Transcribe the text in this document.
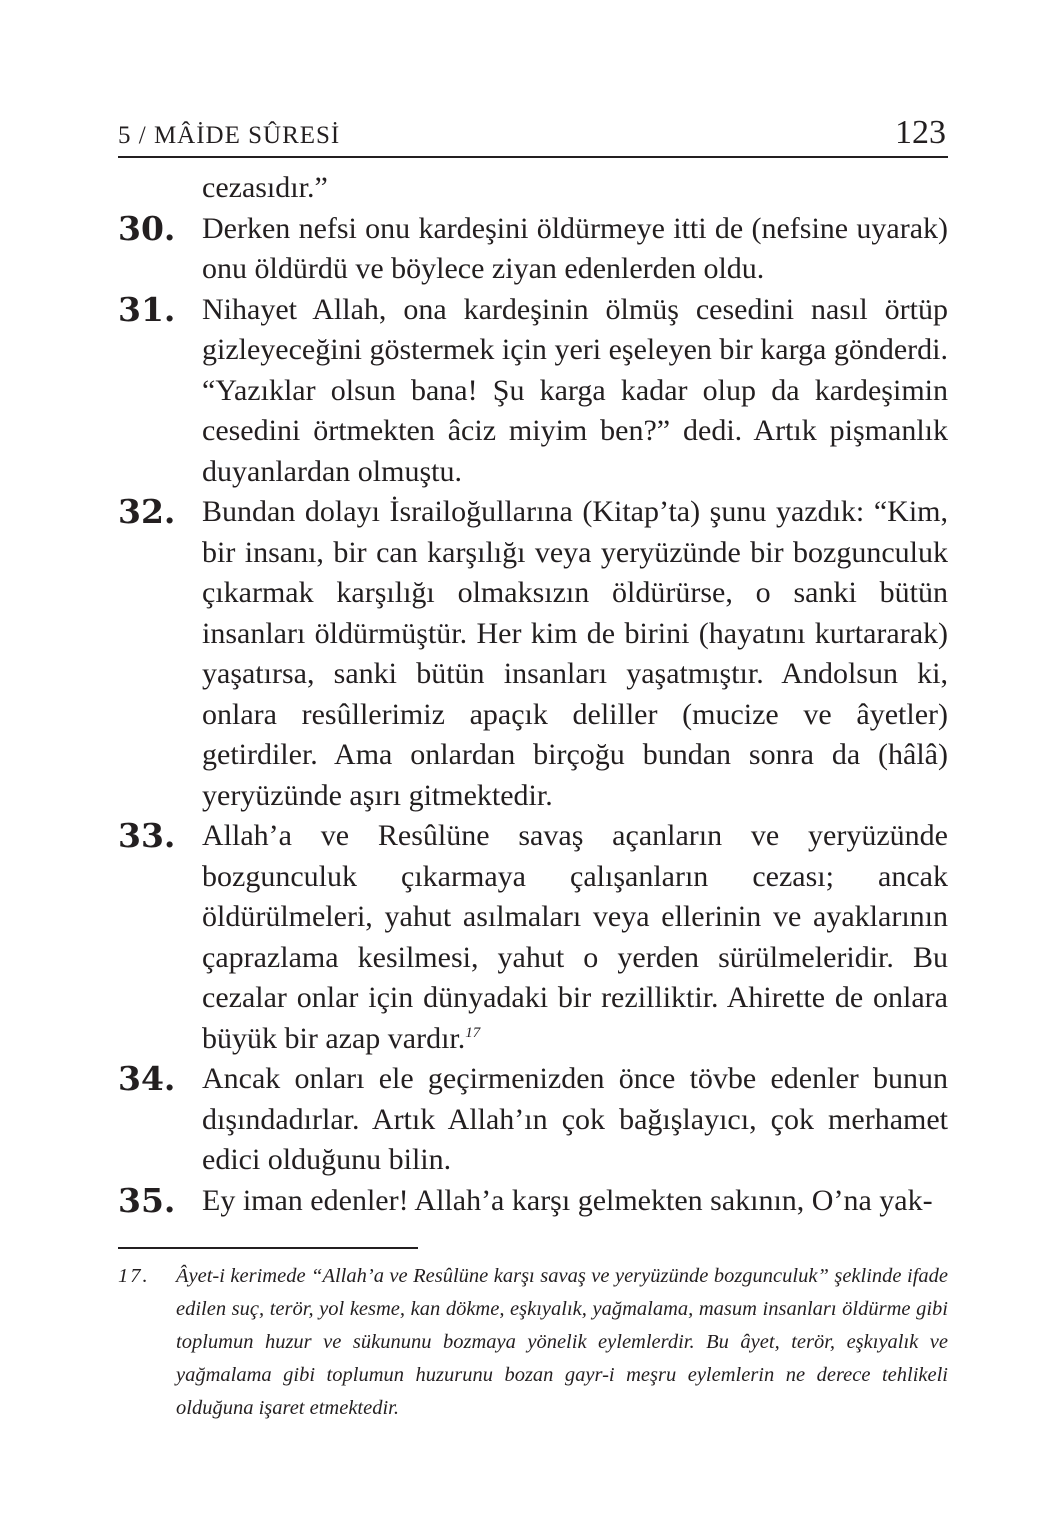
5 / MÂİDE SÛRESİ	123
cezasıdır.”
30. Derken nefsi onu kardeşini öldürmeye itti de (nefsine uyarak) onu öldürdü ve böylece ziyan edenlerden oldu.
31. Nihayet Allah, ona kardeşinin ölmüş cesedini nasıl örtüp gizleyeceğini göstermek için yeri eşeleyen bir karga gönderdi. “Yazıklar olsun bana! Şu karga kadar olup da kardeşimin cesedini örtmekten âciz miyim ben?” dedi. Artık pişmanlık duyanlardan olmuştu.
32. Bundan dolayı İsrailoğullarına (Kitap’ta) şunu yazdık: “Kim, bir insanı, bir can karşılığı veya yeryüzünde bir bozgunculuk çıkarmak karşılığı olmaksızın öldürürse, o sanki bütün insanları öldürmüştür. Her kim de birini (hayatını kurtararak) yaşatırsa, sanki bütün insanları yaşatmıştır. Andolsun ki, onlara resûllerimiz apaçık deliller (mucize ve âyetler) getirdiler. Ama onlardan birçoğu bundan sonra da (hâlâ) yeryüzünde aşırı gitmektedir.
33. Allah’a ve Resûlüne savaş açanların ve yeryüzünde bozgunculuk çıkarmaya çalışanların cezası; ancak öldürülmeleri, yahut asılmaları veya ellerinin ve ayaklarının çaprazlama kesilmesi, yahut o yerden sürülmeleridir. Bu cezalar onlar için dünyadaki bir rezilliktir. Ahirette de onlara büyük bir azap vardır.$^{17}$
34. Ancak onları ele geçirmenizden önce tövbe edenler bunun dışındadırlar. Artık Allah’ın çok bağışlayıcı, çok merhamet edici olduğunu bilin.
35. Ey iman edenler! Allah’a karşı gelmekten sakının, O’na yak-
17. Âyet-i kerimede “Allah’a ve Resûlüne karşı savaş ve yeryüzünde bozgunculuk” şeklinde ifade edilen suç, terör, yol kesme, kan dökme, eşkıyalık, yağmalama, masum insanları öldürme gibi toplumun huzur ve sükununu bozmaya yönelik eylemlerdir. Bu âyet, terör, eşkıyalık ve yağmalama gibi toplumun huzurunu bozan gayr-i meşru eylemlerin ne derece tehlikeli olduğuna işaret etmektedir.
